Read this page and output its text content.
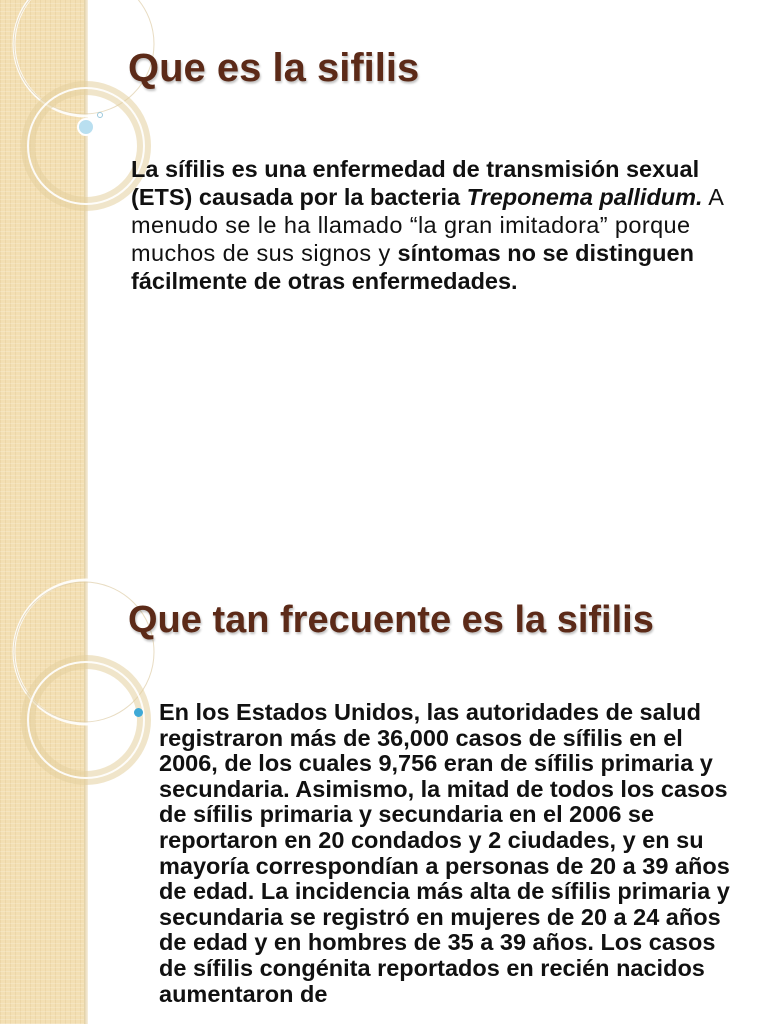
Que es la sifilis

La sífilis es una enfermedad de transmisión sexual (ETS) causada por la bacteria Treponema pallidum. A menudo se le ha llamado “la gran imitadora” porque muchos de sus signos y síntomas no se distinguen fácilmente de otras enfermedades.

Que tan frecuente es la sifilis
En los Estados Unidos, las autoridades de salud registraron más de 36,000 casos de sífilis en el 2006, de los cuales 9,756 eran de sífilis primaria y secundaria. Asimismo, la mitad de todos los casos de sífilis primaria y secundaria en el 2006 se reportaron en 20 condados y 2 ciudades, y en su mayoría correspondían a personas de 20 a 39 años de edad. La incidencia más alta de sífilis primaria y secundaria se registró en mujeres de 20 a 24 años de edad y en hombres de 35 a 39 años. Los casos de sífilis congénita reportados en recién nacidos aumentaron de
